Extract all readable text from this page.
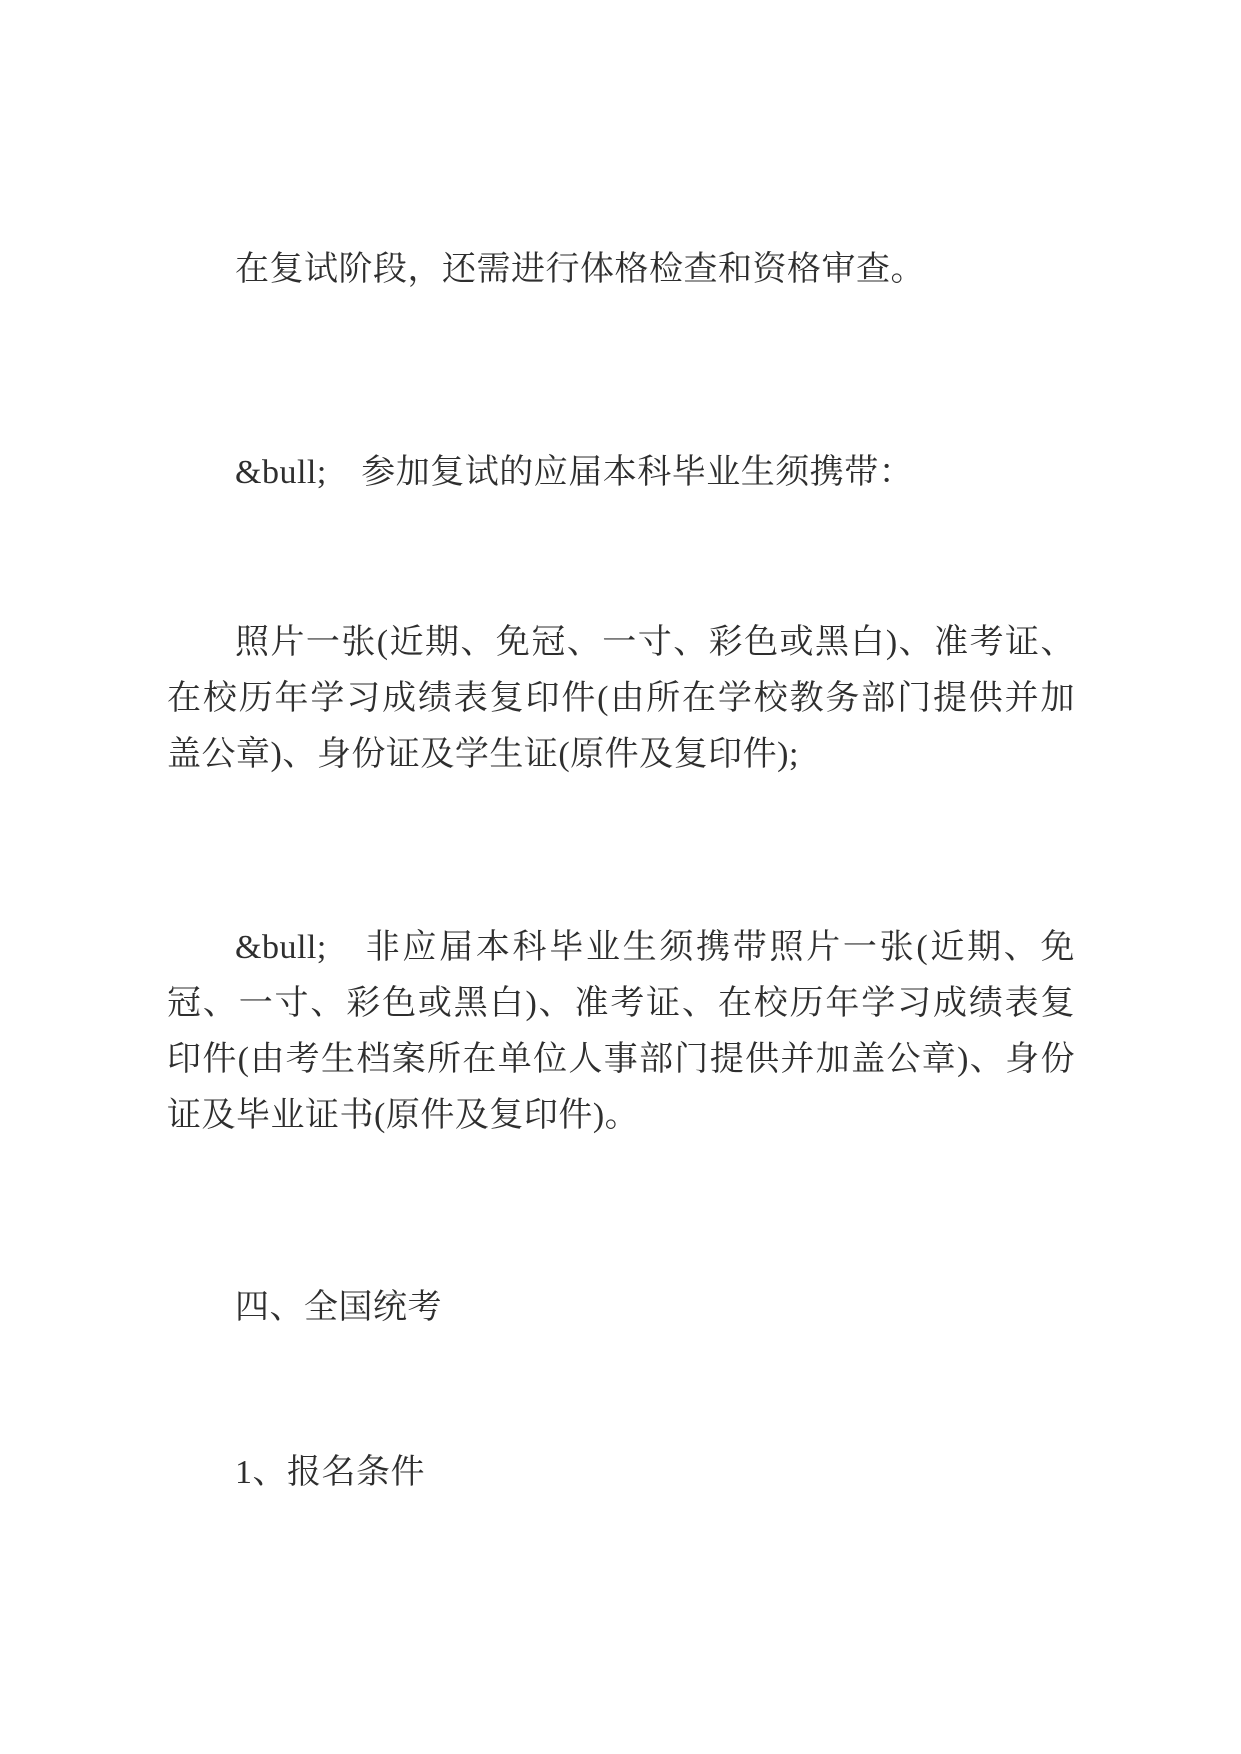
在复试阶段，还需进行体格检查和资格审查。

&bull;　参加复试的应届本科毕业生须携带：

照片一张(近期、免冠、一寸、彩色或黑白)、准考证、在校历年学习成绩表复印件(由所在学校教务部门提供并加盖公章)、身份证及学生证(原件及复印件);

&bull;　非应届本科毕业生须携带照片一张(近期、免冠、一寸、彩色或黑白)、准考证、在校历年学习成绩表复印件(由考生档案所在单位人事部门提供并加盖公章)、身份证及毕业证书(原件及复印件)。

四、全国统考

1、报名条件
